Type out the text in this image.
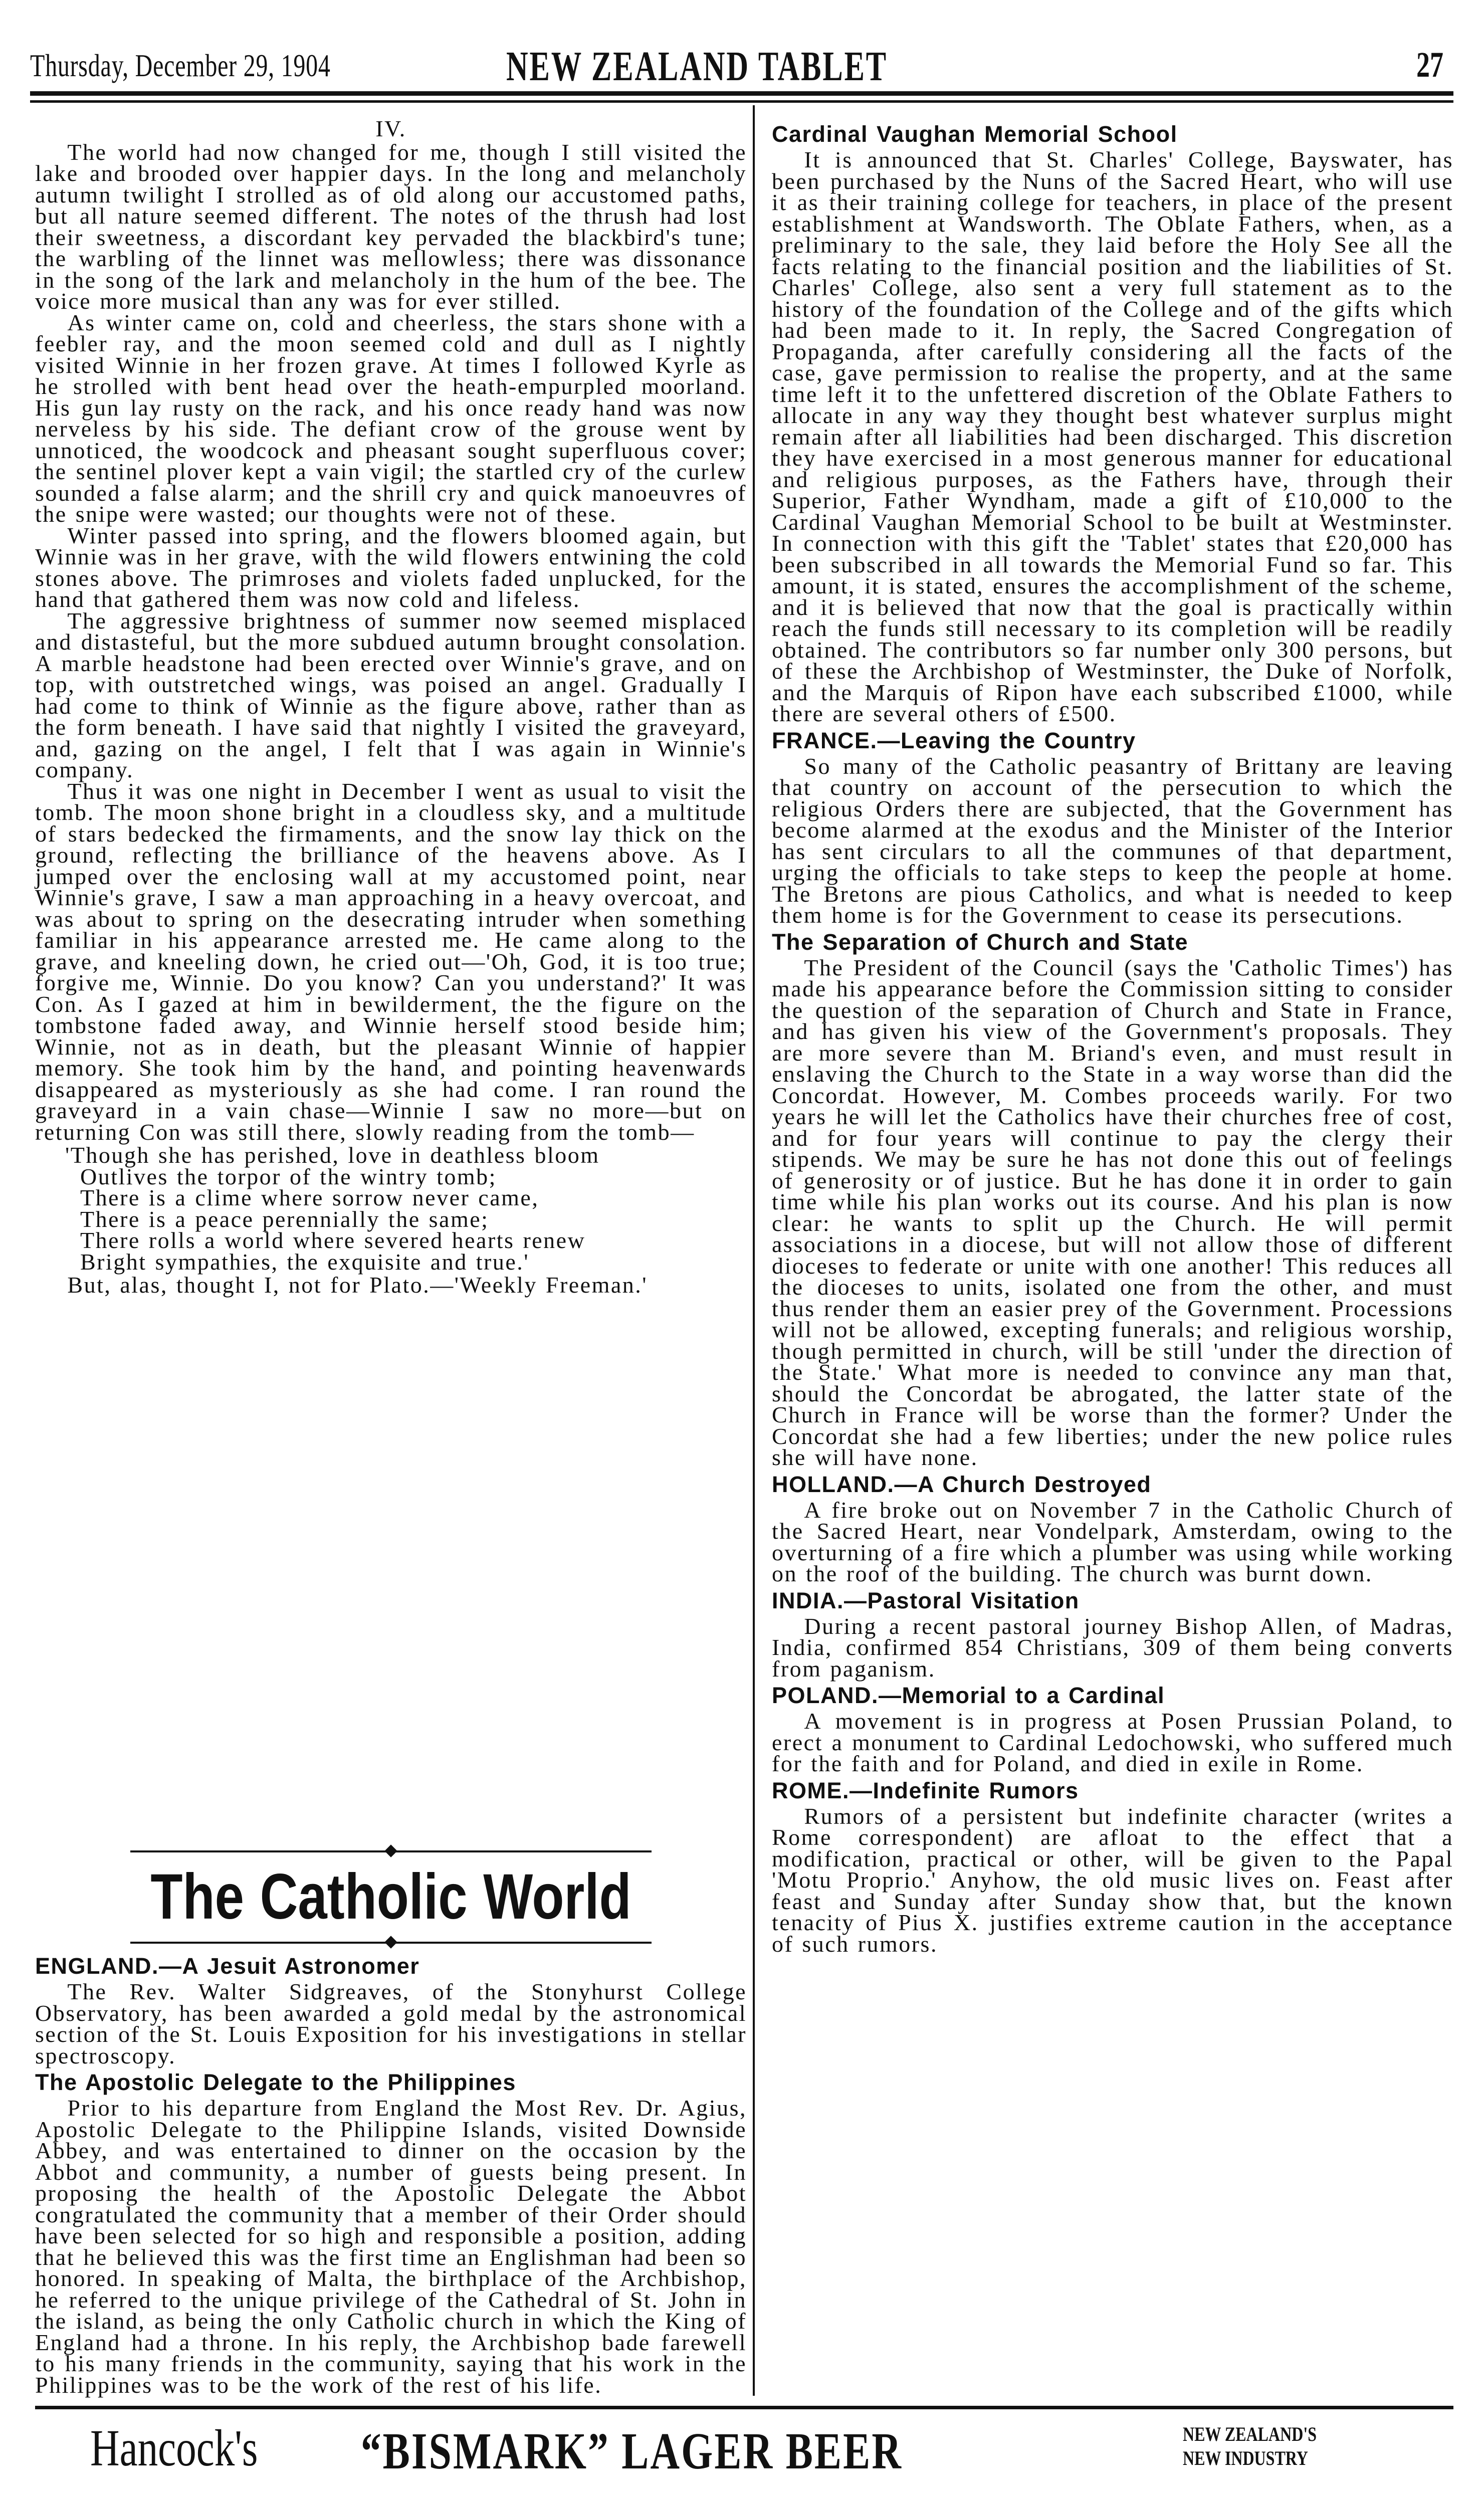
Thursday, December 29, 1904	NEW ZEALAND TABLET	27
IV.

The world had now changed for me, though I still visited the lake and brooded over happier days. In the long and melancholy autumn twilight I strolled as of old along our accustomed paths, but all nature seemed different. The notes of the thrush had lost their sweetness, a discordant key pervaded the blackbird's tune; the warbling of the linnet was mellowless; there was dissonance in the song of the lark and melancholy in the hum of the bee. The voice more musical than any was for ever stilled.

As winter came on, cold and cheerless, the stars shone with a feebler ray, and the moon seemed cold and dull as I nightly visited Winnie in her frozen grave. At times I followed Kyrle as he strolled with bent head over the heath-empurpled moorland. His gun lay rusty on the rack, and his once ready hand was now nerveless by his side. The defiant crow of the grouse went by unnoticed, the woodcock and pheasant sought superfluous cover; the sentinel plover kept a vain vigil; the startled cry of the curlew sounded a false alarm; and the shrill cry and quick manoeuvres of the snipe were wasted; our thoughts were not of these.

Winter passed into spring, and the flowers bloomed again, but Winnie was in her grave, with the wild flowers entwining the cold stones above. The primroses and violets faded unplucked, for the hand that gathered them was now cold and lifeless.

The aggressive brightness of summer now seemed misplaced and distasteful, but the more subdued autumn brought consolation. A marble headstone had been erected over Winnie's grave, and on top, with outstretched wings, was poised an angel. Gradually I had come to think of Winnie as the figure above, rather than as the form beneath. I have said that nightly I visited the graveyard, and, gazing on the angel, I felt that I was again in Winnie's company.

Thus it was one night in December I went as usual to visit the tomb. The moon shone bright in a cloudless sky, and a multitude of stars bedecked the firmaments, and the snow lay thick on the ground, reflecting the brilliance of the heavens above. As I jumped over the enclosing wall at my accustomed point, near Winnie's grave, I saw a man approaching in a heavy overcoat, and was about to spring on the desecrating intruder when something familiar in his appearance arrested me. He came along to the grave, and kneeling down, he cried out—'Oh, God, it is too true; forgive me, Winnie. Do you know? Can you understand?' It was Con. As I gazed at him in bewilderment, the the figure on the tombstone faded away, and Winnie herself stood beside him; Winnie, not as in death, but the pleasant Winnie of happier memory. She took him by the hand, and pointing heavenwards disappeared as mysteriously as she had come. I ran round the graveyard in a vain chase—Winnie I saw no more—but on returning Con was still there, slowly reading from the tomb—

'Though she has perished, love in deathless bloom
Outlives the torpor of the wintry tomb;
There is a clime where sorrow never came,
There is a peace perennially the same;
There rolls a world where severed hearts renew
Bright sympathies, the exquisite and true.'

But, alas, thought I, not for Plato.—'Weekly Freeman.'

The Catholic World
ENGLAND.—A Jesuit Astronomer

The Rev. Walter Sidgreaves, of the Stonyhurst College Observatory, has been awarded a gold medal by the astronomical section of the St. Louis Exposition for his investigations in stellar spectroscopy.

The Apostolic Delegate to the Philippines

Prior to his departure from England the Most Rev. Dr. Agius, Apostolic Delegate to the Philippine Islands, visited Downside Abbey, and was entertained to dinner on the occasion by the Abbot and community, a number of guests being present. In proposing the health of the Apostolic Delegate the Abbot congratulated the community that a member of their Order should have been selected for so high and responsible a position, adding that he believed this was the first time an Englishman had been so honored. In speaking of Malta, the birthplace of the Archbishop, he referred to the unique privilege of the Cathedral of St. John in the island, as being the only Catholic church in which the King of England had a throne. In his reply, the Archbishop bade farewell to his many friends in the community, saying that his work in the Philippines was to be the work of the rest of his life.

Cardinal Vaughan Memorial School

It is announced that St. Charles' College, Bayswater, has been purchased by the Nuns of the Sacred Heart, who will use it as their training college for teachers, in place of the present establishment at Wandsworth. The Oblate Fathers, when, as a preliminary to the sale, they laid before the Holy See all the facts relating to the financial position and the liabilities of St. Charles' College, also sent a very full statement as to the history of the foundation of the College and of the gifts which had been made to it. In reply, the Sacred Congregation of Propaganda, after carefully considering all the facts of the case, gave permission to realise the property, and at the same time left it to the unfettered discretion of the Oblate Fathers to allocate in any way they thought best whatever surplus might remain after all liabilities had been discharged. This discretion they have exercised in a most generous manner for educational and religious purposes, as the Fathers have, through their Superior, Father Wyndham, made a gift of £10,000 to the Cardinal Vaughan Memorial School to be built at Westminster. In connection with this gift the 'Tablet' states that £20,000 has been subscribed in all towards the Memorial Fund so far. This amount, it is stated, ensures the accomplishment of the scheme, and it is believed that now that the goal is practically within reach the funds still necessary to its completion will be readily obtained. The contributors so far number only 300 persons, but of these the Archbishop of Westminster, the Duke of Norfolk, and the Marquis of Ripon have each subscribed £1000, while there are several others of £500.

FRANCE.—Leaving the Country

So many of the Catholic peasantry of Brittany are leaving that country on account of the persecution to which the religious Orders there are subjected, that the Government has become alarmed at the exodus and the Minister of the Interior has sent circulars to all the communes of that department, urging the officials to take steps to keep the people at home. The Bretons are pious Catholics, and what is needed to keep them home is for the Government to cease its persecutions.

The Separation of Church and State

The President of the Council (says the 'Catholic Times') has made his appearance before the Commission sitting to consider the question of the separation of Church and State in France, and has given his view of the Government's proposals. They are more severe than M. Briand's even, and must result in enslaving the Church to the State in a way worse than did the Concordat. However, M. Combes proceeds warily. For two years he will let the Catholics have their churches free of cost, and for four years will continue to pay the clergy their stipends. We may be sure he has not done this out of feelings of generosity or of justice. But he has done it in order to gain time while his plan works out its course. And his plan is now clear: he wants to split up the Church. He will permit associations in a diocese, but will not allow those of different dioceses to federate or unite with one another! This reduces all the dioceses to units, isolated one from the other, and must thus render them an easier prey of the Government. Processions will not be allowed, excepting funerals; and religious worship, though permitted in church, will be still 'under the direction of the State.' What more is needed to convince any man that, should the Concordat be abrogated, the latter state of the Church in France will be worse than the former? Under the Concordat she had a few liberties; under the new police rules she will have none.

HOLLAND.—A Church Destroyed

A fire broke out on November 7 in the Catholic Church of the Sacred Heart, near Vondelpark, Amsterdam, owing to the overturning of a fire which a plumber was using while working on the roof of the building. The church was burnt down.

INDIA.—Pastoral Visitation

During a recent pastoral journey Bishop Allen, of Madras, India, confirmed 854 Christians, 309 of them being converts from paganism.

POLAND.—Memorial to a Cardinal

A movement is in progress at Posen Prussian Poland, to erect a monument to Cardinal Ledochowski, who suffered much for the faith and for Poland, and died in exile in Rome.

ROME.—Indefinite Rumors

Rumors of a persistent but indefinite character (writes a Rome correspondent) are afloat to the effect that a modification, practical or other, will be given to the Papal 'Motu Proprio.' Anyhow, the old music lives on. Feast after feast and Sunday after Sunday show that, but the known tenacity of Pius X. justifies extreme caution in the acceptance of such rumors.

Hancock's “BISMARK” LAGER BEER	NEW ZEALAND'S
NEW INDUSTRY
